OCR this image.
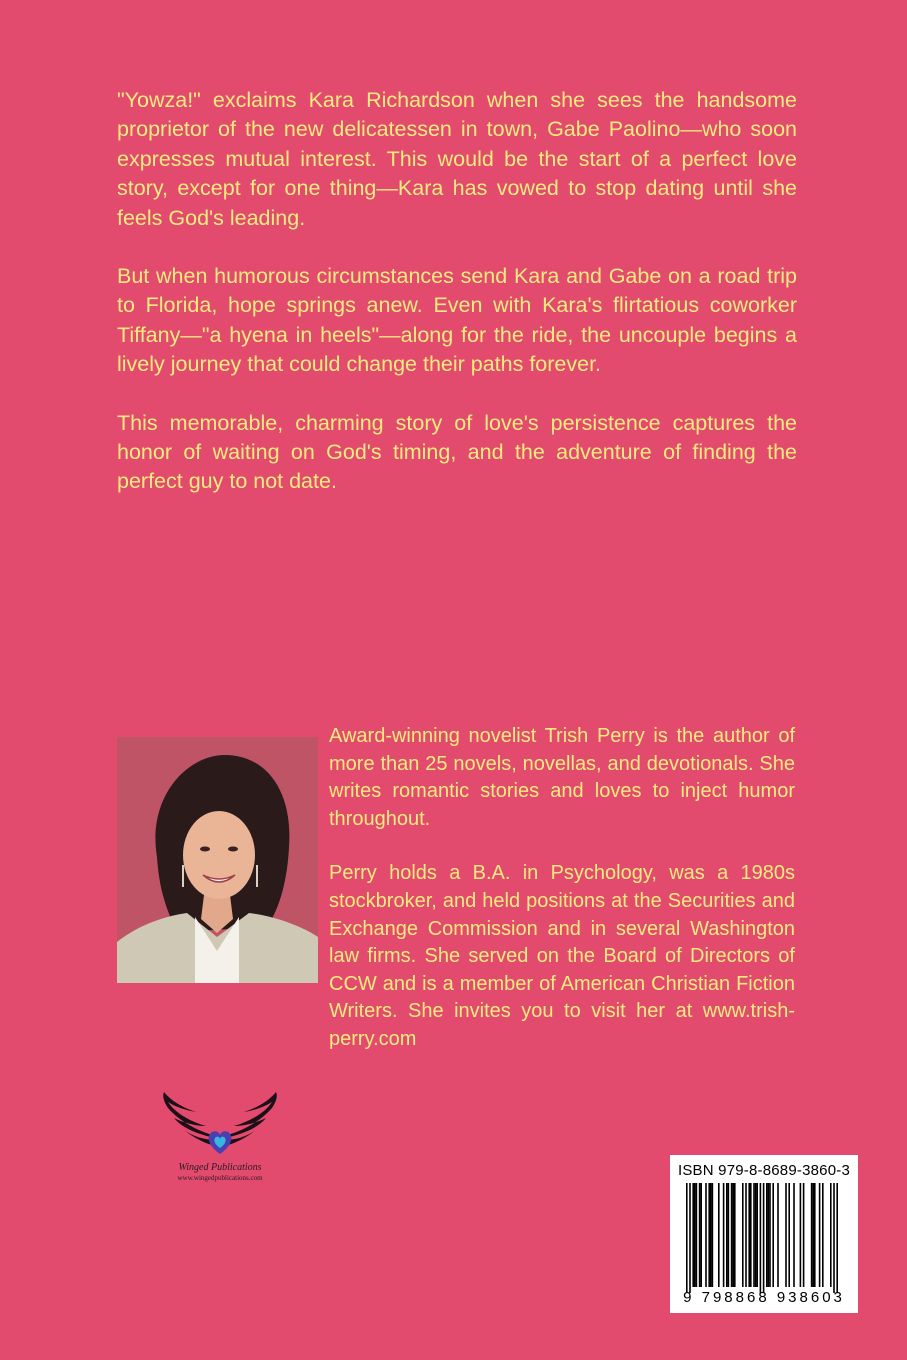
"Yowza!" exclaims Kara Richardson when she sees the handsome proprietor of the new delicatessen in town, Gabe Paolino—who soon expresses mutual interest. This would be the start of a perfect love story, except for one thing—Kara has vowed to stop dating until she feels God's leading.

But when humorous circumstances send Kara and Gabe on a road trip to Florida, hope springs anew. Even with Kara's flirtatious coworker Tiffany—"a hyena in heels"—along for the ride, the uncouple begins a lively journey that could change their paths forever.

This memorable, charming story of love's persistence captures the honor of waiting on God's timing, and the adventure of finding the perfect guy to not date.

Award-winning novelist Trish Perry is the author of more than 25 novels, novellas, and devotionals. She writes romantic stories and loves to inject humor throughout.

Perry holds a B.A. in Psychology, was a 1980s stockbroker, and held positions at the Securities and Exchange Commission and in several Washington law firms. She served on the Board of Directors of CCW and is a member of American Christian Fiction Writers. She invites you to visit her at www.trishperry.com

Winged Publications
www.wingedpublications.com	ISBN 979-8-8689-3860-3
9 798868 938603
